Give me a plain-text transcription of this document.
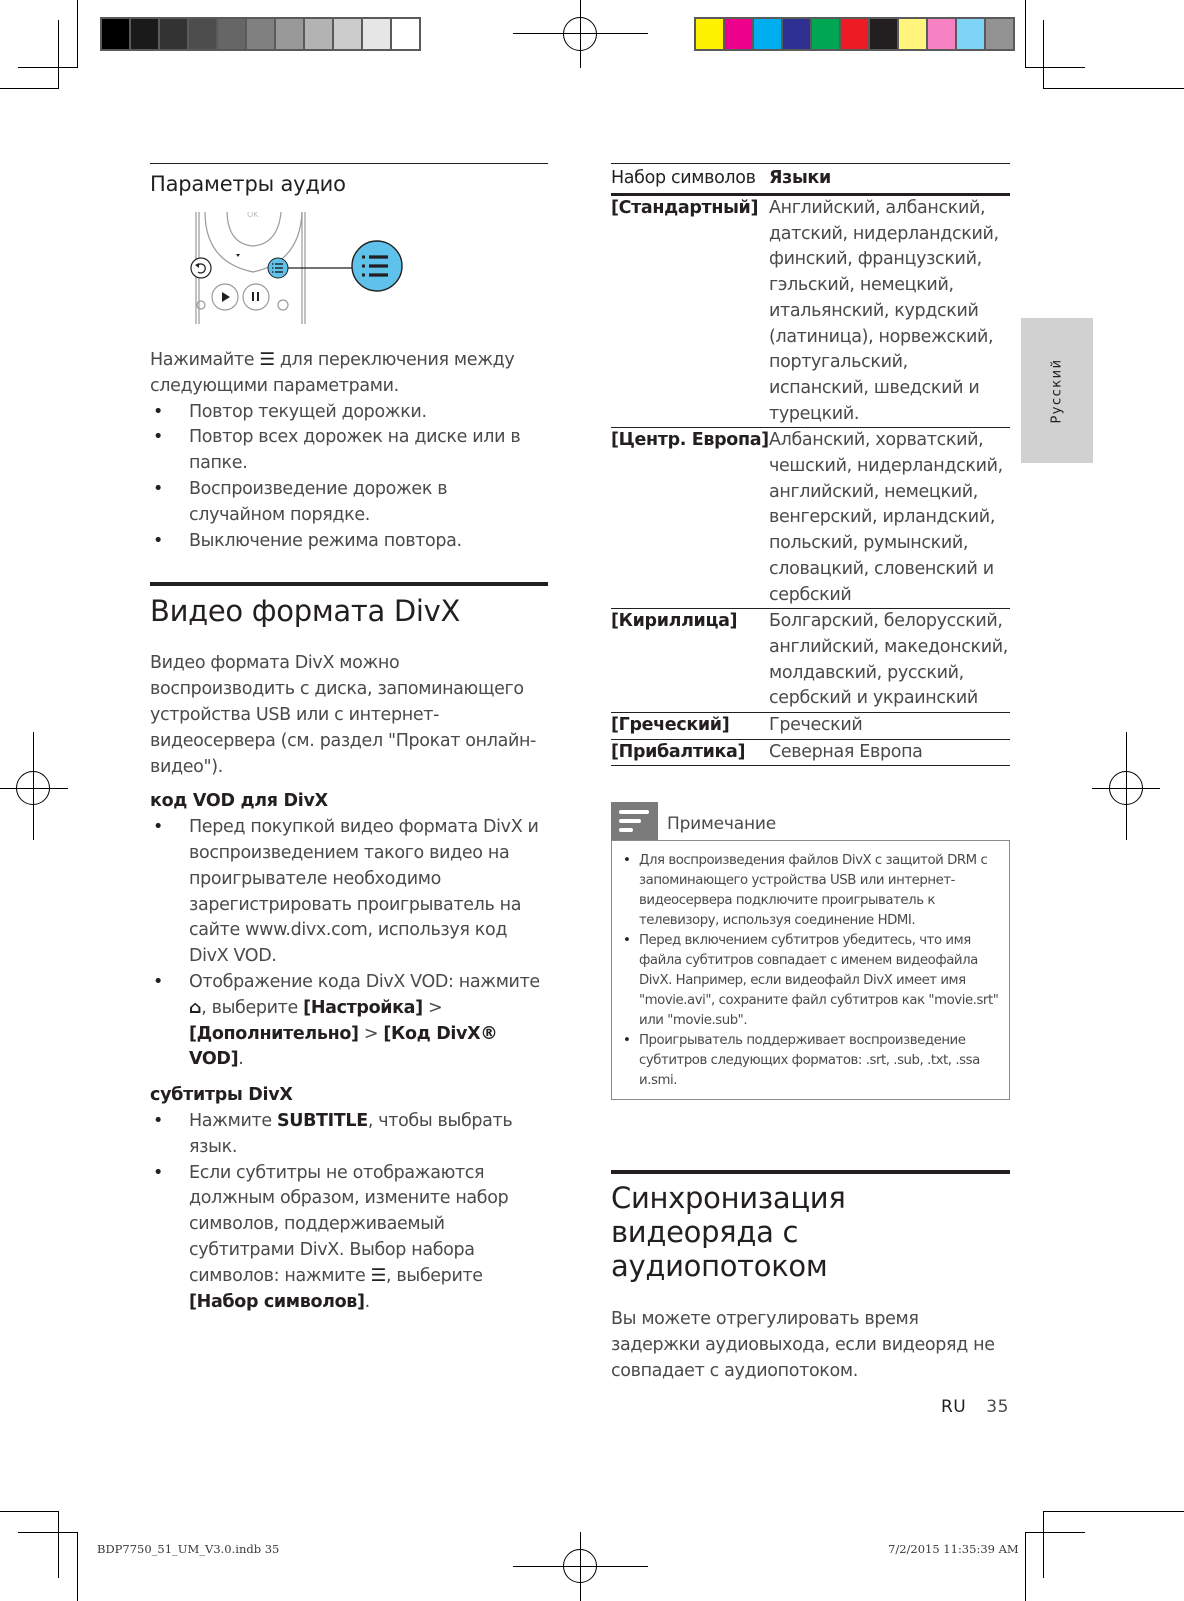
Русский
Параметры аудио
OK

Нажимайте ☰ для переключения между следующими параметрами.

• Повтор текущей дорожки.
• Повтор всех дорожек на диске или в папке.
• Воспроизведение дорожек в случайном порядке.
• Выключение режима повтора.
Видео формата DivX

Видео формата DivX можно воспроизводить с диска, запоминающего устройства USB или с интернет-видеосервера (см. раздел "Прокат онлайн-видео").

код VOD для DivX
• Перед покупкой видео формата DivX и воспроизведением такого видео на проигрывателе необходимо зарегистрировать проигрыватель на сайте www.divx.com, используя код DivX VOD.
• Отображение кода DivX VOD: нажмите ⌂, выберите [Настройка] > [Дополнительно] > [Код DivX® VOD].
субтитры DivX
• Нажмите SUBTITLE, чтобы выбрать язык.
• Если субтитры не отображаются должным образом, измените набор символов, поддерживаемый субтитрами DivX. Выбор набора символов: нажмите ☰, выберите [Набор символов].
Набор символов	Языки
[Стандартный]	Английский, албанский, датский, нидерландский, финский, французский, гэльский, немецкий, итальянский, курдский (латиница), норвежский, португальский, испанский, шведский и турецкий.
[Центр. Европа]	Албанский, хорватский, чешский, нидерландский, английский, немецкий, венгерский, ирландский, польский, румынский, словацкий, словенский и сербский
[Кириллица]	Болгарский, белорусский, английский, македонский, молдавский, русский, сербский и украинский
[Греческий]	Греческий
[Прибалтика]	Северная Европа
Примечание
• Для воспроизведения файлов DivX с защитой DRM с запоминающего устройства USB или интернет-видеосервера подключите проигрыватель к телевизору, используя соединение HDMI.
• Перед включением субтитров убедитесь, что имя файла субтитров совпадает с именем видеофайла DivX. Например, если видеофайл DivX имеет имя "movie.avi", сохраните файл субтитров как "movie.srt" или "movie.sub".
• Проигрыватель поддерживает воспроизведение субтитров следующих форматов: .srt, .sub, .txt, .ssa и.smi.
Синхронизация видеоряда с аудиопотоком

Вы можете отрегулировать время задержки аудиовыхода, если видеоряд не совпадает с аудиопотоком.

RU 35
BDP7750_51_UM_V3.0.indb 35	7/2/2015 11:35:39 AM
